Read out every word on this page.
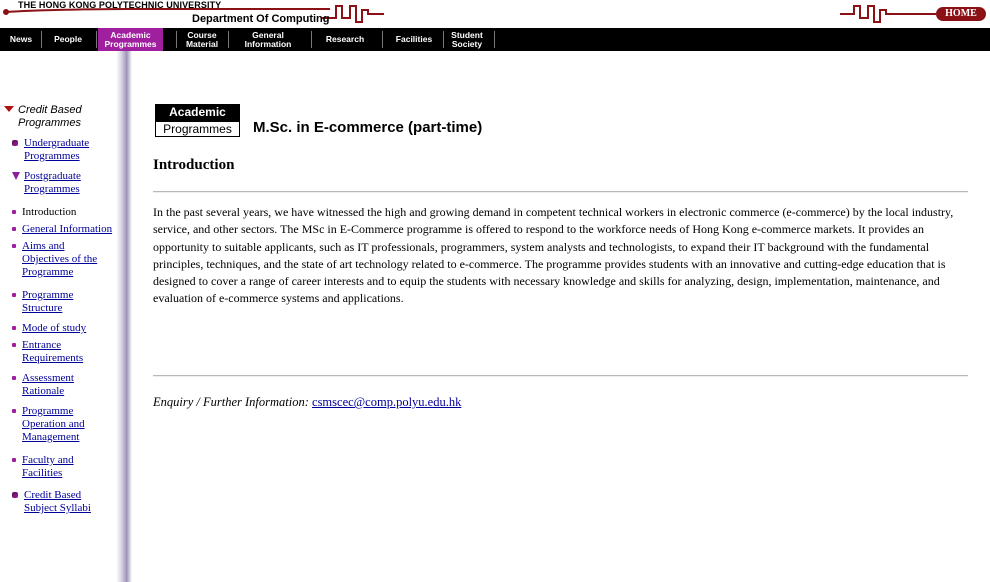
THE HONG KONG POLYTECHNIC UNIVERSITY
Department Of Computing	HOME
News	People	Academic
Programmes
Course
Material
General
Information	Research	Facilities	Student
Society
Credit Based Programmes
Undergraduate Programmes
Postgraduate Programmes
Introduction
General Information
Aims and Objectives of the Programme
Programme Structure
Mode of study
Entrance Requirements
Assessment Rationale
Programme Operation and Management
Faculty and Facilities
Credit Based Subject Syllabi
Academic
Programmes	M.Sc. in E-commerce (part-time)
Introduction
In the past several years, we have witnessed the high and growing demand in competent technical workers in electronic commerce (e-commerce) by the local industry, service, and other sectors. The MSc in E-Commerce programme is offered to respond to the workforce needs of Hong Kong e-commerce markets. It provides an opportunity to suitable applicants, such as IT professionals, programmers, system analysts and technologists, to expand their IT background with the fundamental principles, techniques, and the state of art technology related to e-commerce. The programme provides students with an innovative and cutting-edge education that is designed to cover a range of career interests and to equip the students with necessary knowledge and skills for analyzing, design, implementation, maintenance, and evaluation of e-commerce systems and applications.
Enquiry / Further Information: csmscec@comp.polyu.edu.hk
